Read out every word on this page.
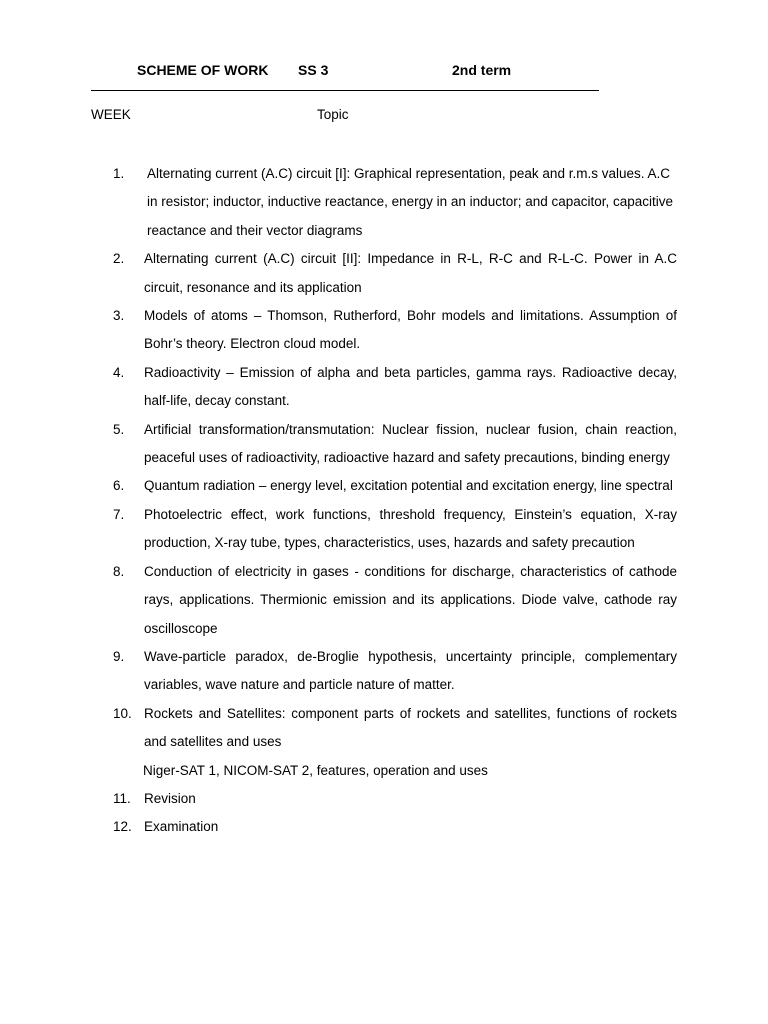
SCHEME OF WORK SS 3	2nd term
WEEK	Topic
1.	Alternating current (A.C) circuit [I]: Graphical representation, peak and r.m.s values. A.C in resistor; inductor, inductive reactance, energy in an inductor; and capacitor, capacitive reactance and their vector diagrams
2.	Alternating current (A.C) circuit [II]: Impedance in R-L, R-C and R-L-C. Power in A.C circuit, resonance and its application
3.	Models of atoms – Thomson, Rutherford, Bohr models and limitations. Assumption of Bohr’s theory. Electron cloud model.
4.	Radioactivity – Emission of alpha and beta particles, gamma rays. Radioactive decay, half-life, decay constant.
5.	Artificial transformation/transmutation: Nuclear fission, nuclear fusion, chain reaction, peaceful uses of radioactivity, radioactive hazard and safety precautions, binding energy
6.	Quantum radiation – energy level, excitation potential and excitation energy, line spectral
7.	Photoelectric effect, work functions, threshold frequency, Einstein’s equation, X-ray production, X-ray tube, types, characteristics, uses, hazards and safety precaution
8.	Conduction of electricity in gases - conditions for discharge, characteristics of cathode rays, applications. Thermionic emission and its applications. Diode valve, cathode ray oscilloscope
9.	Wave-particle paradox, de-Broglie hypothesis, uncertainty principle, complementary variables, wave nature and particle nature of matter.
10. Rockets and Satellites: component parts of rockets and satellites, functions of rockets and satellites and uses
Niger-SAT 1, NICOM-SAT 2, features, operation and uses
11. Revision
12. Examination
